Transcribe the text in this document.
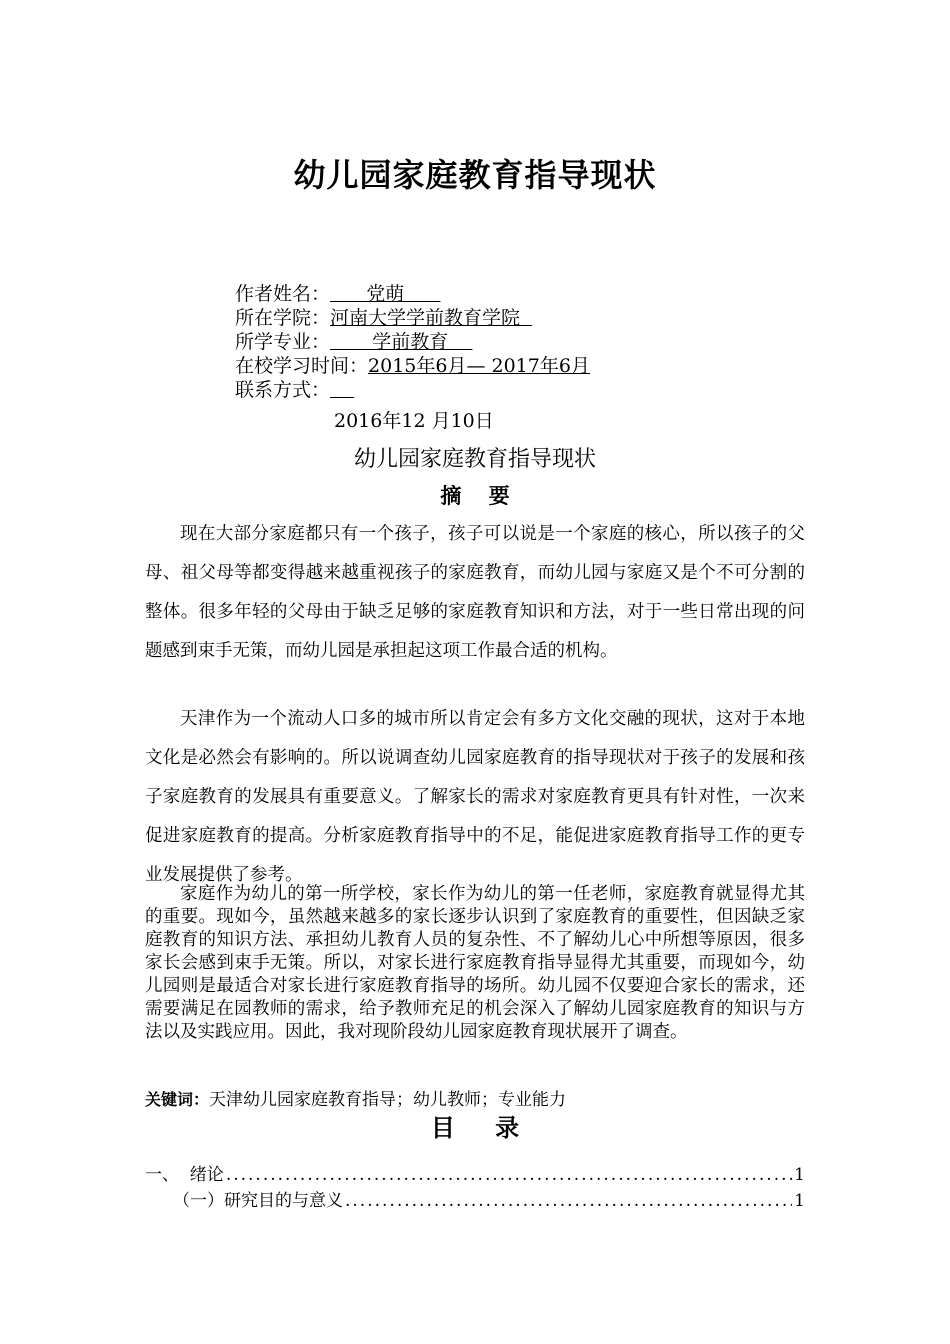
幼儿园家庭教育指导现状
作者姓名：      党萌
所在学院：河南大学学前教育学院
所学专业：       学前教育
在校学习时间：2015年6月— 2017年6月
联系方式：
2016年12 月10日
幼儿园家庭教育指导现状
摘 要

现在大部分家庭都只有一个孩子，孩子可以说是一个家庭的核心，所以孩子的父母、祖父母等都变得越来越重视孩子的家庭教育，而幼儿园与家庭又是个不可分割的整体。很多年轻的父母由于缺乏足够的家庭教育知识和方法，对于一些日常出现的问题感到束手无策，而幼儿园是承担起这项工作最合适的机构。

天津作为一个流动人口多的城市所以肯定会有多方文化交融的现状，这对于本地文化是必然会有影响的。所以说调查幼儿园家庭教育的指导现状对于孩子的发展和孩子家庭教育的发展具有重要意义。了解家长的需求对家庭教育更具有针对性，一次来促进家庭教育的提高。分析家庭教育指导中的不足，能促进家庭教育指导工作的更专业发展提供了参考。

家庭作为幼儿的第一所学校，家长作为幼儿的第一任老师，家庭教育就显得尤其的重要。现如今，虽然越来越多的家长逐步认识到了家庭教育的重要性，但因缺乏家庭教育的知识方法、承担幼儿教育人员的复杂性、不了解幼儿心中所想等原因，很多家长会感到束手无策。所以，对家长进行家庭教育指导显得尤其重要，而现如今，幼儿园则是最适合对家长进行家庭教育指导的场所。幼儿园不仅要迎合家长的需求，还需要满足在园教师的需求，给予教师充足的机会深入了解幼儿园家庭教育的知识与方法以及实践应用。因此，我对现阶段幼儿园家庭教育现状展开了调查。

关键词：天津幼儿园家庭教育指导；幼儿教师；专业能力
目 录
一、  绪论 .....	1
（一）研究目的与意义 .....	1
